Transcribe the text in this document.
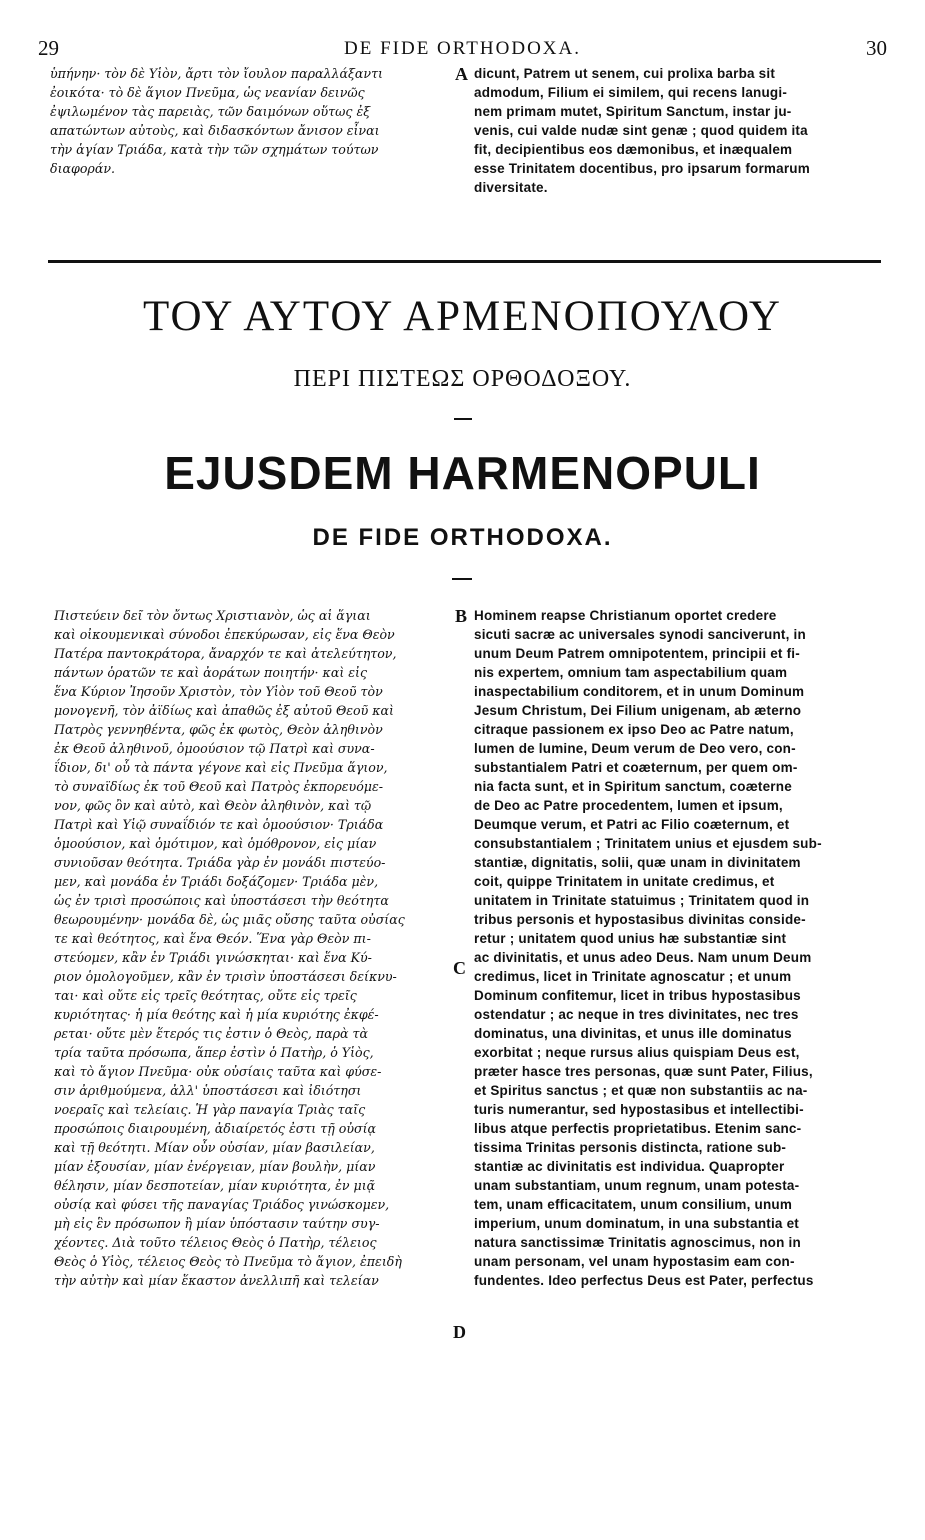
29	DE FIDE ORTHODOXA.	30
ὑπήνην· τὸν δὲ Υἱὸν, ἄρτι τὸν ἴουλον παραλλάξαντι
ἐοικότα· τὸ δὲ ἅγιον Πνεῦμα, ὡς νεανίαν δεινῶς
ἐψιλωμένον τὰς παρειὰς, τῶν δαιμόνων οὕτως ἐξ
απατώντων αὐτοὺς, καὶ διδασκόντων ἄνισον εἶναι
τὴν ἁγίαν Τριάδα, κατὰ τὴν τῶν σχημάτων τούτων
διαφοράν.
dicunt, Patrem ut senem, cui prolixa barba sit
admodum, Filium ei similem, qui recens lanugi-
nem primam mutet, Spiritum Sanctum, instar ju-
venis, cui valde nudæ sint genæ ; quod quidem ita
fit, decipientibus eos dæmonibus, et inæqualem
esse Trinitatem docentibus, pro ipsarum formarum
diversitate.
A
ΤΟΥ ΑΥΤΟΥ ΑΡΜΕΝΟΠΟΥΛΟΥ
ΠΕΡΙ ΠΙΣΤΕΩΣ ΟΡΘΟΔΟΞΟΥ.
EJUSDEM HARMENOPULI
DE FIDE ORTHODOXA.
Πιστεύειν δεῖ τὸν ὄντως Χριστιανὸν, ὡς αἱ ἅγιαι
καὶ οἰκουμενικαὶ σύνοδοι ἐπεκύρωσαν, εἰς ἕνα Θεὸν
Πατέρα παντοκράτορα, ἄναρχόν τε καὶ ἀτελεύτητον,
πάντων ὁρατῶν τε καὶ ἀοράτων ποιητήν· καὶ εἰς
ἕνα Κύριον Ἰησοῦν Χριστὸν, τὸν Υἱὸν τοῦ Θεοῦ τὸν
μονογενῆ, τὸν ἀϊδίως καὶ ἀπαθῶς ἐξ αὐτοῦ Θεοῦ καὶ
Πατρὸς γεννηθέντα, φῶς ἐκ φωτὸς, Θεὸν ἀληθινὸν
ἐκ Θεοῦ ἀληθινοῦ, ὁμοούσιον τῷ Πατρὶ καὶ συνα-
ΐδιον, δι' οὗ τὰ πάντα γέγονε καὶ εἰς Πνεῦμα ἅγιον,
τὸ συναϊδίως ἐκ τοῦ Θεοῦ καὶ Πατρὸς ἐκπορευόμε-
νον, φῶς ὂν καὶ αὐτὸ, καὶ Θεὸν ἀληθινὸν, καὶ τῷ
Πατρὶ καὶ Υἱῷ συναΐδιόν τε καὶ ὁμοούσιον· Τριάδα
ὁμοούσιον, καὶ ὁμότιμον, καὶ ὁμόθρονον, εἰς μίαν
συνιοῦσαν θεότητα. Τριάδα γὰρ ἐν μονάδι πιστεύο-
μεν, καὶ μονάδα ἐν Τριάδι δοξάζομεν· Τριάδα μὲν,
ὡς ἐν τρισὶ προσώποις καὶ ὑποστάσεσι τὴν θεότητα
θεωρουμένην· μονάδα δὲ, ὡς μιᾶς οὔσης ταῦτα οὐσίας
τε καὶ θεότητος, καὶ ἕνα Θεόν. Ἕνα γὰρ Θεὸν πι-
στεύομεν, κἂν ἐν Τριάδι γινώσκηται· καὶ ἕνα Κύ-
ριον ὁμολογοῦμεν, κἂν ἐν τρισὶν ὑποστάσεσι δείκνυ-
ται· καὶ οὔτε εἰς τρεῖς θεότητας, οὔτε εἰς τρεῖς
κυριότητας· ἡ μία θεότης καὶ ἡ μία κυριότης ἐκφέ-
ρεται· οὔτε μὲν ἕτερός τις ἐστιν ὁ Θεὸς, παρὰ τὰ
τρία ταῦτα πρόσωπα, ἅπερ ἐστὶν ὁ Πατὴρ, ὁ Υἱὸς,
καὶ τὸ ἅγιον Πνεῦμα· οὐκ οὐσίαις ταῦτα καὶ φύσε-
σιν ἀριθμούμενα, ἀλλ' ὑποστάσεσι καὶ ἰδιότησι
νοεραῖς καὶ τελείαις. Ἡ γὰρ παναγία Τριὰς ταῖς
προσώποις διαιρουμένη, ἀδιαίρετός ἐστι τῇ οὐσίᾳ
καὶ τῇ θεότητι. Μίαν οὖν οὐσίαν, μίαν βασιλείαν,
μίαν ἐξουσίαν, μίαν ἐνέργειαν, μίαν βουλὴν, μίαν
θέλησιν, μίαν δεσποτείαν, μίαν κυριότητα, ἐν μιᾷ
οὐσίᾳ καὶ φύσει τῆς παναγίας Τριάδος γινώσκομεν,
μὴ εἰς ἓν πρόσωπον ἢ μίαν ὑπόστασιν ταύτην συγ-
χέοντες. Διὰ τοῦτο τέλειος Θεὸς ὁ Πατὴρ, τέλειος
Θεὸς ὁ Υἱὸς, τέλειος Θεὸς τὸ Πνεῦμα τὸ ἅγιον, ἐπειδὴ
τὴν αὐτὴν καὶ μίαν ἕκαστον ἀνελλιπῆ καὶ τελείαν
Hominem reapse Christianum oportet credere
sicuti sacræ ac universales synodi sanciverunt, in
unum Deum Patrem omnipotentem, principii et fi-
nis expertem, omnium tam aspectabilium quam
inaspectabilium conditorem, et in unum Dominum
Jesum Christum, Dei Filium unigenam, ab æterno
citraque passionem ex ipso Deo ac Patre natum,
lumen de lumine, Deum verum de Deo vero, con-
substantialem Patri et coæternum, per quem om-
nia facta sunt, et in Spiritum sanctum, coæterne
de Deo ac Patre procedentem, lumen et ipsum,
Deumque verum, et Patri ac Filio coæternum, et
consubstantialem ; Trinitatem unius et ejusdem sub-
stantiæ, dignitatis, solii, quæ unam in divinitatem
coit, quippe Trinitatem in unitate credimus, et
unitatem in Trinitate statuimus ; Trinitatem quod in
tribus personis et hypostasibus divinitas conside-
retur ; unitatem quod unius hæ substantiæ sint
ac divinitatis, et unus adeo Deus. Nam unum Deum
credimus, licet in Trinitate agnoscatur ; et unum
Dominum confitemur, licet in tribus hypostasibus
ostendatur ; ac neque in tres divinitates, nec tres
dominatus, una divinitas, et unus ille dominatus
exorbitat ; neque rursus alius quispiam Deus est,
præter hasce tres personas, quæ sunt Pater, Filius,
et Spiritus sanctus ; et quæ non substantiis ac na-
turis numerantur, sed hypostasibus et intellectibi-
libus atque perfectis proprietatibus. Etenim sanc-
tissima Trinitas personis distincta, ratione sub-
stantiæ ac divinitatis est individua. Quapropter
unam substantiam, unum regnum, unam potesta-
tem, unam efficacitatem, unum consilium, unum
imperium, unum dominatum, in una substantia et
natura sanctissimæ Trinitatis agnoscimus, non in
unam personam, vel unam hypostasim eam con-
fundentes. Ideo perfectus Deus est Pater, perfectus
B
C
D
